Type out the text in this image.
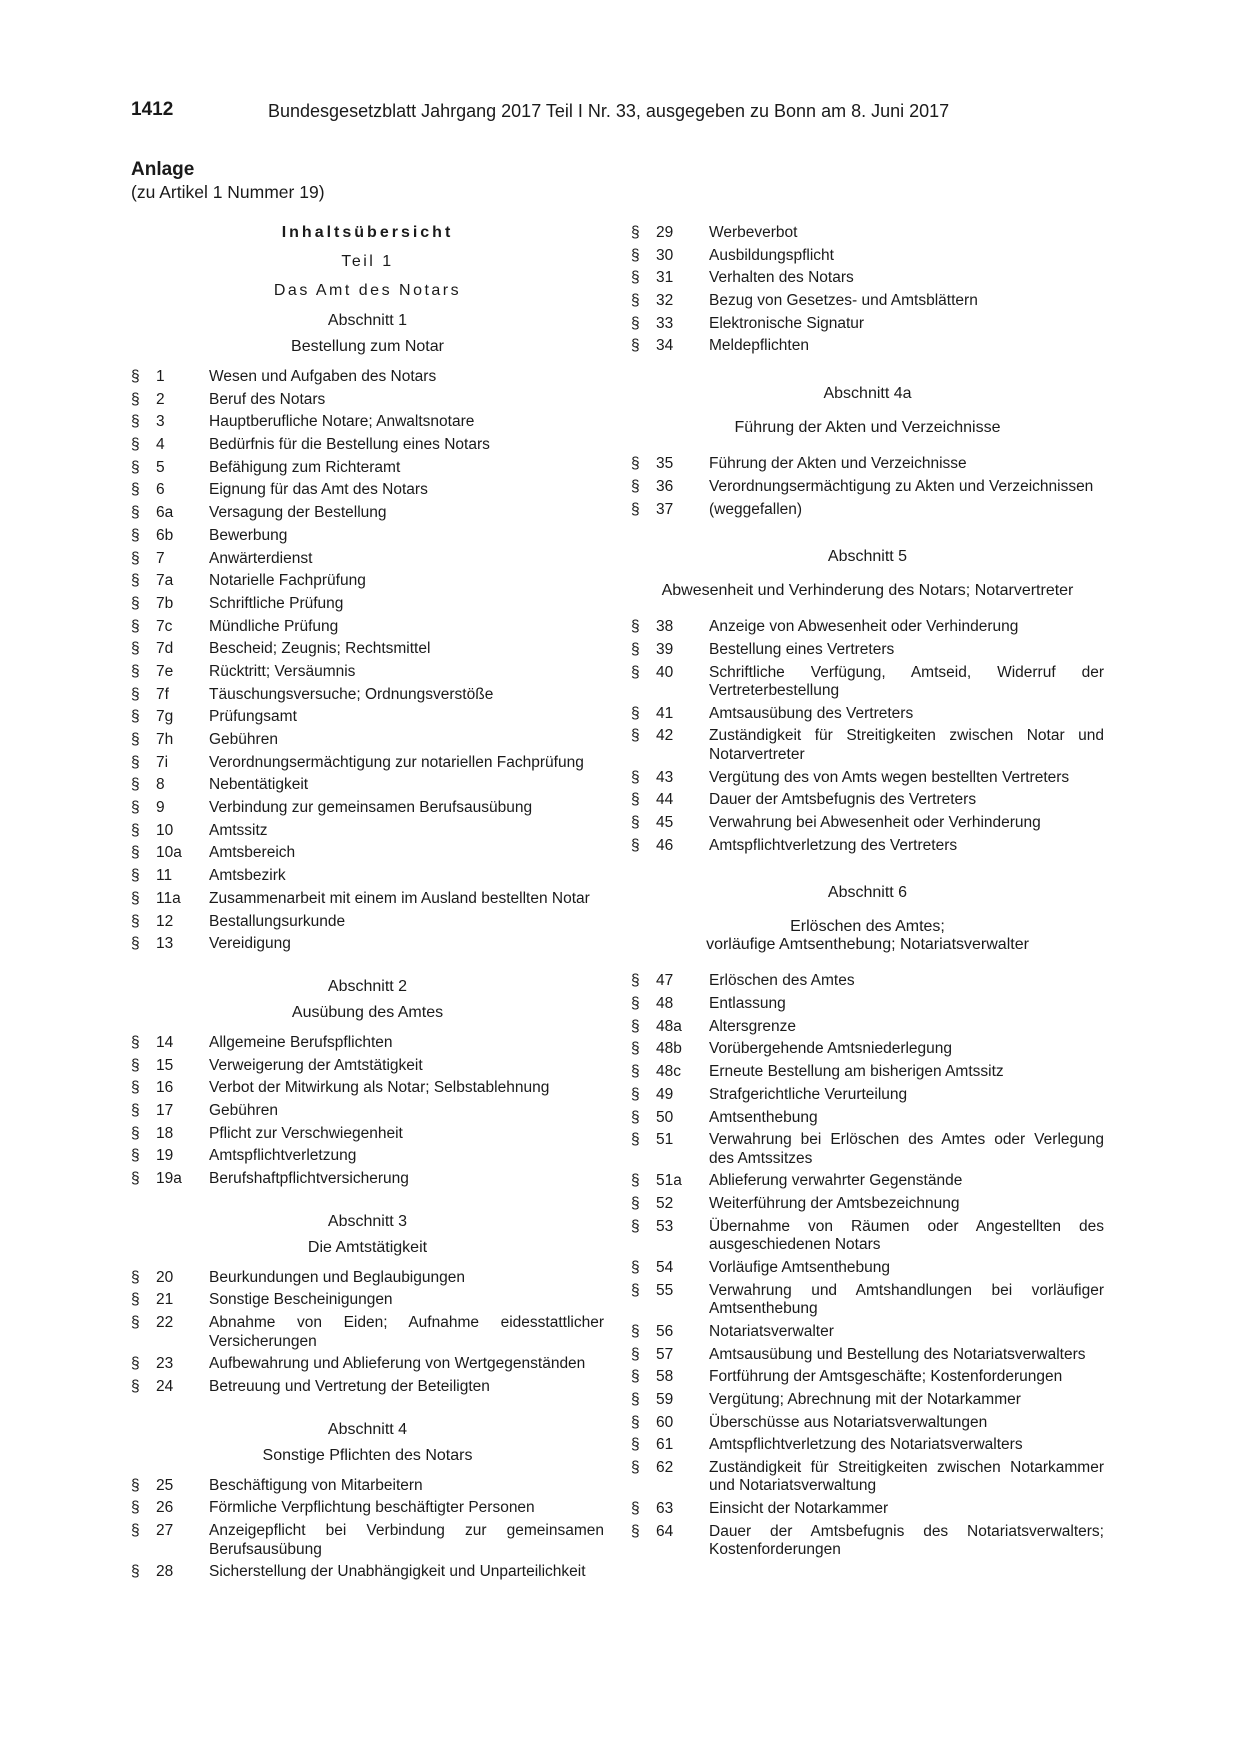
1412	Bundesgesetzblatt Jahrgang 2017 Teil I Nr. 33, ausgegeben zu Bonn am 8. Juni 2017
Anlage
(zu Artikel 1 Nummer 19)
Inhaltsübersicht
Teil 1
Das Amt des Notars
Abschnitt 1
Bestellung zum Notar
§	1	Wesen und Aufgaben des Notars
§	2	Beruf des Notars
§	3	Hauptberufliche Notare; Anwaltsnotare
§	4	Bedürfnis für die Bestellung eines Notars
§	5	Befähigung zum Richteramt
§	6	Eignung für das Amt des Notars
§	6a	Versagung der Bestellung
§	6b	Bewerbung
§	7	Anwärterdienst
§	7a	Notarielle Fachprüfung
§	7b	Schriftliche Prüfung
§	7c	Mündliche Prüfung
§	7d	Bescheid; Zeugnis; Rechtsmittel
§	7e	Rücktritt; Versäumnis
§	7f	Täuschungsversuche; Ordnungsverstöße
§	7g	Prüfungsamt
§	7h	Gebühren
§	7i	Verordnungsermächtigung zur notariellen Fachprüfung
§	8	Nebentätigkeit
§	9	Verbindung zur gemeinsamen Berufsausübung
§	10	Amtssitz
§	10a	Amtsbereich
§	11	Amtsbezirk
§	11a	Zusammenarbeit mit einem im Ausland bestellten Notar
§	12	Bestallungsurkunde
§	13	Vereidigung
Abschnitt 2
Ausübung des Amtes
§	14	Allgemeine Berufspflichten
§	15	Verweigerung der Amtstätigkeit
§	16	Verbot der Mitwirkung als Notar; Selbstablehnung
§	17	Gebühren
§	18	Pflicht zur Verschwiegenheit
§	19	Amtspflichtverletzung
§	19a	Berufshaftpflichtversicherung
Abschnitt 3
Die Amtstätigkeit
§	20	Beurkundungen und Beglaubigungen
§	21	Sonstige Bescheinigungen
§	22	Abnahme von Eiden; Aufnahme eidesstattlicher Versicherungen
§	23	Aufbewahrung und Ablieferung von Wertgegenständen
§	24	Betreuung und Vertretung der Beteiligten
Abschnitt 4
Sonstige Pflichten des Notars
§	25	Beschäftigung von Mitarbeitern
§	26	Förmliche Verpflichtung beschäftigter Personen
§	27	Anzeigepflicht bei Verbindung zur gemeinsamen Berufsausübung
§	28	Sicherstellung der Unabhängigkeit und Unparteilichkeit
§	29	Werbeverbot
§	30	Ausbildungspflicht
§	31	Verhalten des Notars
§	32	Bezug von Gesetzes- und Amtsblättern
§	33	Elektronische Signatur
§	34	Meldepflichten
Abschnitt 4a
Führung der Akten und Verzeichnisse
§	35	Führung der Akten und Verzeichnisse
§	36	Verordnungsermächtigung zu Akten und Verzeichnissen
§	37	(weggefallen)
Abschnitt 5
Abwesenheit und Verhinderung des Notars; Notarvertreter
§	38	Anzeige von Abwesenheit oder Verhinderung
§	39	Bestellung eines Vertreters
§	40	Schriftliche Verfügung, Amtseid, Widerruf der Vertreterbestellung
§	41	Amtsausübung des Vertreters
§	42	Zuständigkeit für Streitigkeiten zwischen Notar und Notarvertreter
§	43	Vergütung des von Amts wegen bestellten Vertreters
§	44	Dauer der Amtsbefugnis des Vertreters
§	45	Verwahrung bei Abwesenheit oder Verhinderung
§	46	Amtspflichtverletzung des Vertreters
Abschnitt 6
Erlöschen des Amtes;
vorläufige Amtsenthebung; Notariatsverwalter
§	47	Erlöschen des Amtes
§	48	Entlassung
§	48a	Altersgrenze
§	48b	Vorübergehende Amtsniederlegung
§	48c	Erneute Bestellung am bisherigen Amtssitz
§	49	Strafgerichtliche Verurteilung
§	50	Amtsenthebung
§	51	Verwahrung bei Erlöschen des Amtes oder Verlegung des Amtssitzes
§	51a	Ablieferung verwahrter Gegenstände
§	52	Weiterführung der Amtsbezeichnung
§	53	Übernahme von Räumen oder Angestellten des ausgeschiedenen Notars
§	54	Vorläufige Amtsenthebung
§	55	Verwahrung und Amtshandlungen bei vorläufiger Amtsenthebung
§	56	Notariatsverwalter
§	57	Amtsausübung und Bestellung des Notariatsverwalters
§	58	Fortführung der Amtsgeschäfte; Kostenforderungen
§	59	Vergütung; Abrechnung mit der Notarkammer
§	60	Überschüsse aus Notariatsverwaltungen
§	61	Amtspflichtverletzung des Notariatsverwalters
§	62	Zuständigkeit für Streitigkeiten zwischen Notarkammer und Notariatsverwaltung
§	63	Einsicht der Notarkammer
§	64	Dauer der Amtsbefugnis des Notariatsverwalters; Kostenforderungen
